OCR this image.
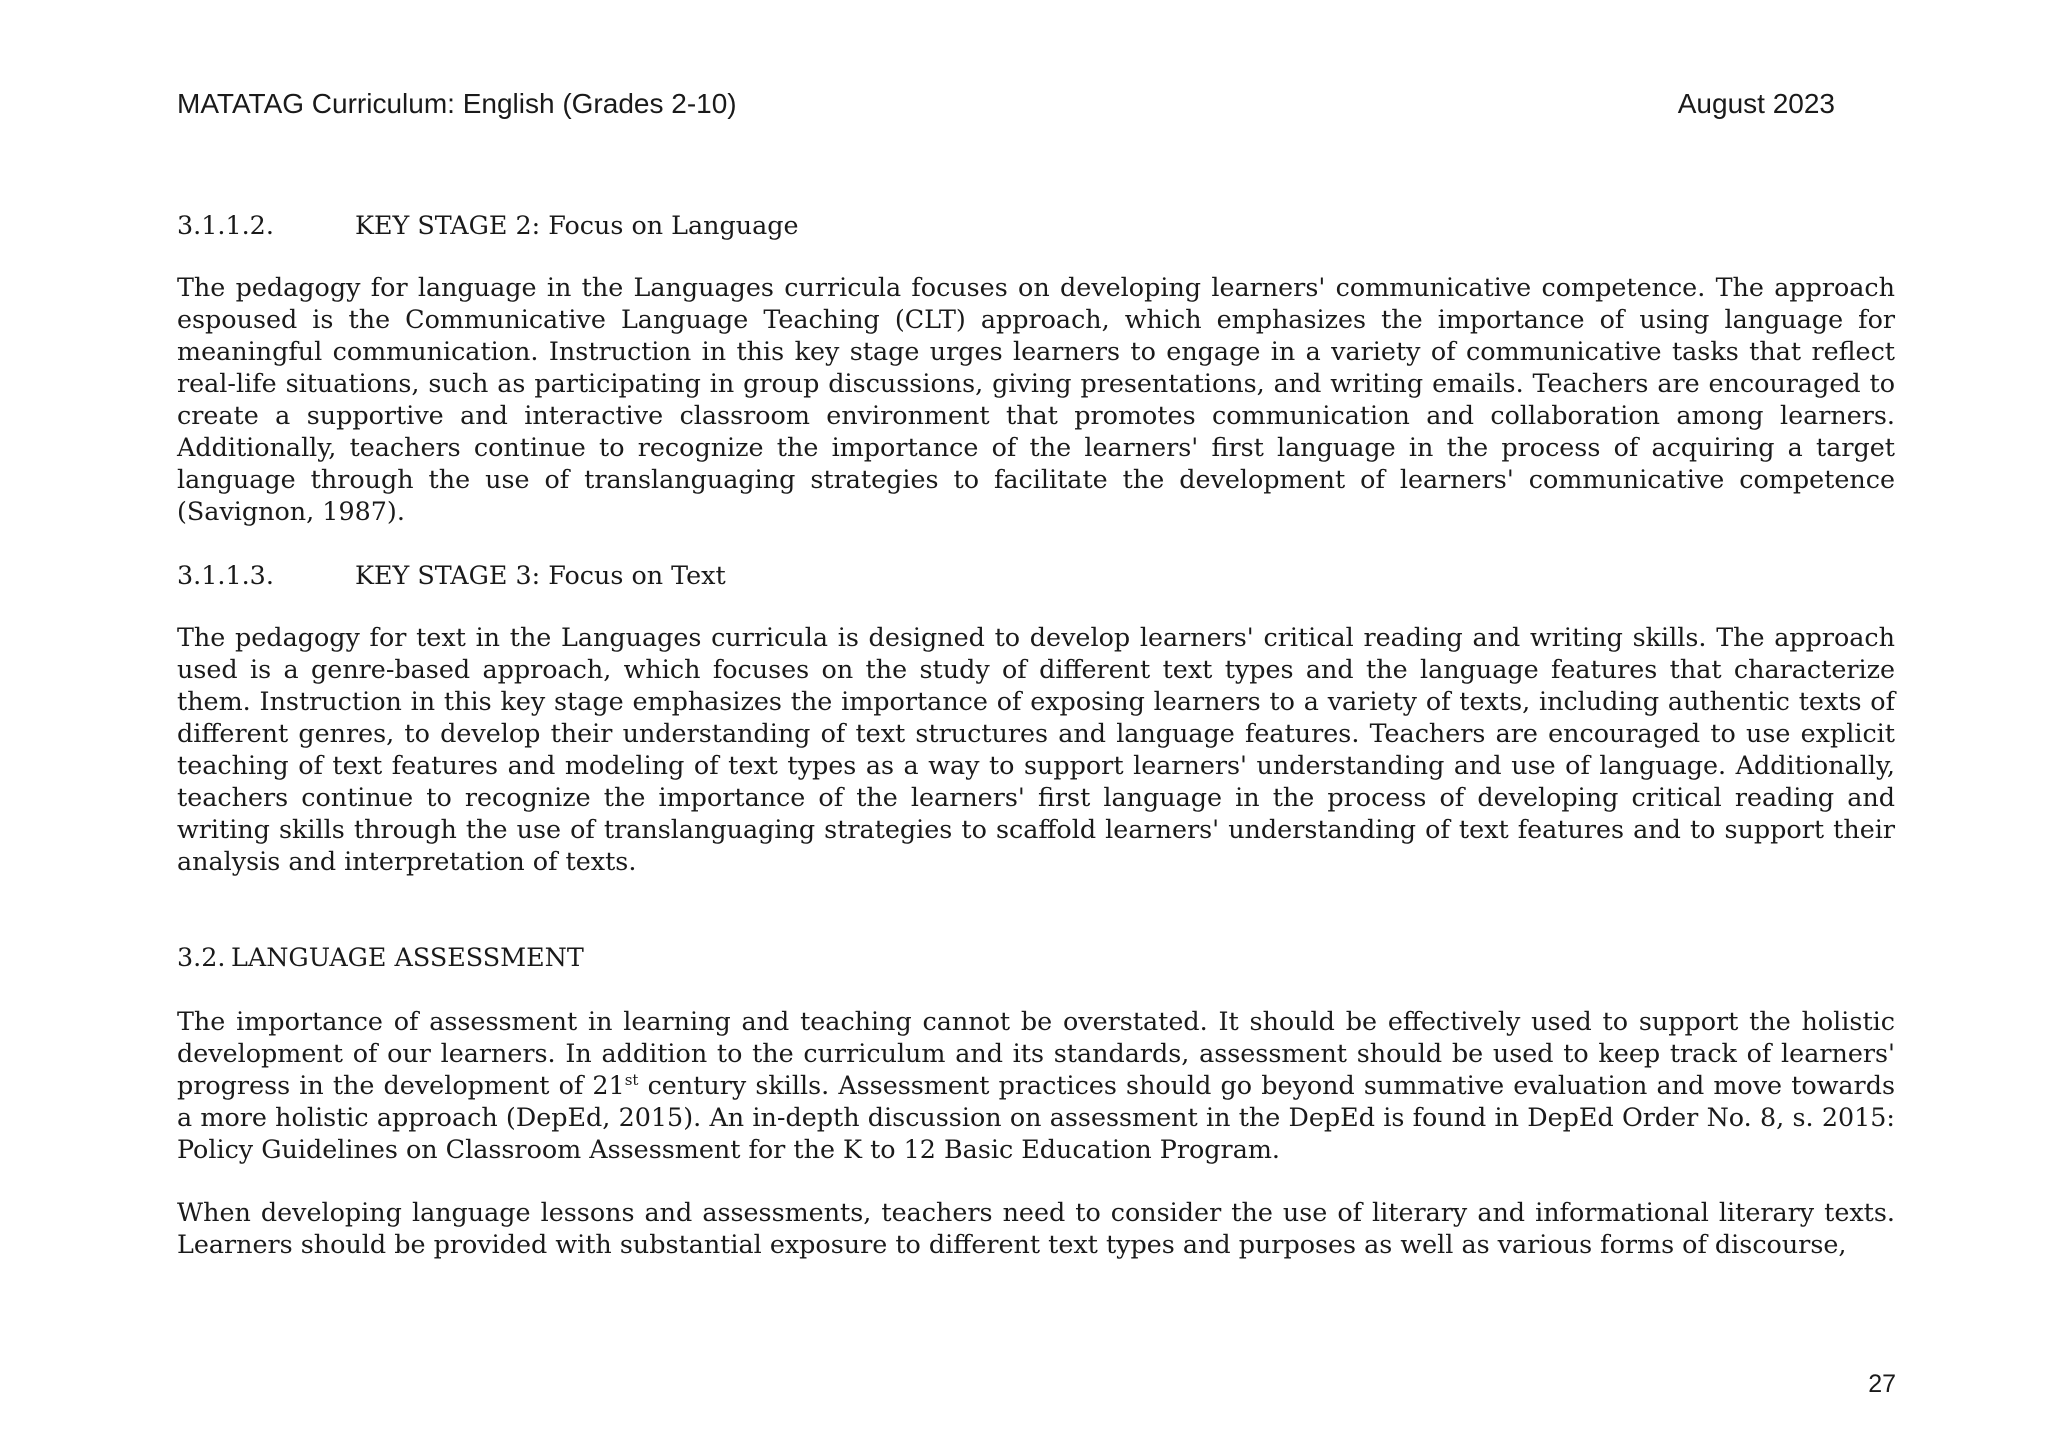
MATATAG Curriculum: English (Grades 2-10)	August 2023
3.1.1.2.	KEY STAGE 2: Focus on Language

The pedagogy for language in the Languages curricula focuses on developing learners' communicative competence. The approach espoused is the Communicative Language Teaching (CLT) approach, which emphasizes the importance of using language for meaningful communication. Instruction in this key stage urges learners to engage in a variety of communicative tasks that reflect real-life situations, such as participating in group discussions, giving presentations, and writing emails. Teachers are encouraged to create a supportive and interactive classroom environment that promotes communication and collaboration among learners. Additionally, teachers continue to recognize the importance of the learners' first language in the process of acquiring a target language through the use of translanguaging strategies to facilitate the development of learners' communicative competence (Savignon, 1987).

3.1.1.3.	KEY STAGE 3: Focus on Text

The pedagogy for text in the Languages curricula is designed to develop learners' critical reading and writing skills. The approach used is a genre-based approach, which focuses on the study of different text types and the language features that characterize them. Instruction in this key stage emphasizes the importance of exposing learners to a variety of texts, including authentic texts of different genres, to develop their understanding of text structures and language features. Teachers are encouraged to use explicit teaching of text features and modeling of text types as a way to support learners' understanding and use of language. Additionally, teachers continue to recognize the importance of the learners' first language in the process of developing critical reading and writing skills through the use of translanguaging strategies to scaffold learners' understanding of text features and to support their analysis and interpretation of texts.

3.2. LANGUAGE ASSESSMENT

The importance of assessment in learning and teaching cannot be overstated. It should be effectively used to support the holistic development of our learners. In addition to the curriculum and its standards, assessment should be used to keep track of learners' progress in the development of 21st century skills. Assessment practices should go beyond summative evaluation and move towards a more holistic approach (DepEd, 2015). An in-depth discussion on assessment in the DepEd is found in DepEd Order No. 8, s. 2015: Policy Guidelines on Classroom Assessment for the K to 12 Basic Education Program.

When developing language lessons and assessments, teachers need to consider the use of literary and informational literary texts. Learners should be provided with substantial exposure to different text types and purposes as well as various forms of discourse,

27
